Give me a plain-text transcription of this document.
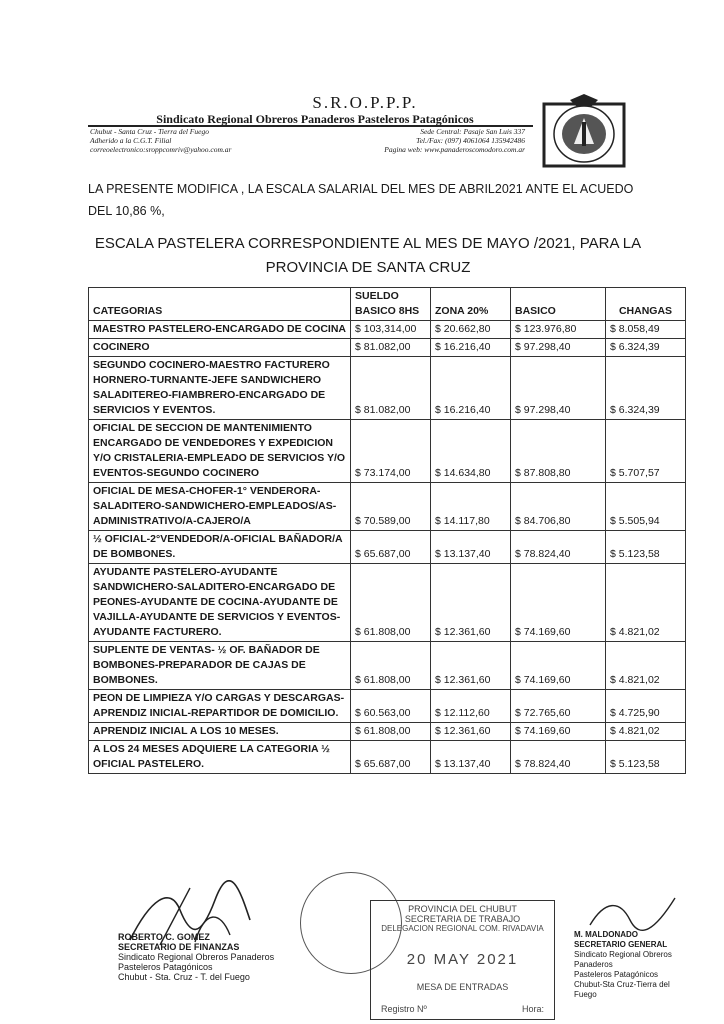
S.R.O.P.P.P.
Sindicato Regional Obreros Panaderos Pasteleros Patagónicos
Chubut - Santa Cruz - Tierra del Fuego
Adherido a la C.G.T. Filial
correoelectronico:sroppcomriv@yahoo.com.ar
Sede Central: Pasaje San Luis 337
Tel./Fax: (097) 4061064 135942486
Pagina web: www.panaderoscomodoro.com.ar
LA PRESENTE MODIFICA , LA ESCALA SALARIAL DEL MES DE ABRIL2021 ANTE EL ACUEDO DEL 10,86 %,
ESCALA PASTELERA CORRESPONDIENTE AL MES DE MAYO /2021, PARA LA PROVINCIA DE SANTA CRUZ
CATEGORIAS	SUELDO BASICO 8HS	ZONA 20%	BASICO	CHANGAS
MAESTRO PASTELERO-ENCARGADO DE COCINA	$ 103,314,00	$ 20.662,80	$ 123.976,80	$ 8.058,49
COCINERO	$ 81.082,00	$ 16.216,40	$ 97.298,40	$ 6.324,39
SEGUNDO COCINERO-MAESTRO FACTURERO HORNERO-TURNANTE-JEFE SANDWICHERO SALADITEREO-FIAMBRERO-ENCARGADO DE SERVICIOS Y EVENTOS.	$ 81.082,00	$ 16.216,40	$ 97.298,40	$ 6.324,39
OFICIAL DE SECCION DE MANTENIMIENTO ENCARGADO DE VENDEDORES Y EXPEDICION Y/O CRISTALERIA-EMPLEADO DE SERVICIOS Y/O EVENTOS-SEGUNDO COCINERO	$ 73.174,00	$ 14.634,80	$ 87.808,80	$ 5.707,57
OFICIAL DE MESA-CHOFER-1° VENDERORA-SALADITERO-SANDWICHERO-EMPLEADOS/AS-ADMINISTRATIVO/A-CAJERO/A	$ 70.589,00	$ 14.117,80	$ 84.706,80	$ 5.505,94
½ OFICIAL-2°VENDEDOR/A-OFICIAL BAÑADOR/A DE BOMBONES.	$ 65.687,00	$ 13.137,40	$ 78.824,40	$ 5.123,58
AYUDANTE PASTELERO-AYUDANTE SANDWICHERO-SALADITERO-ENCARGADO DE PEONES-AYUDANTE DE COCINA-AYUDANTE DE VAJILLA-AYUDANTE DE SERVICIOS Y EVENTOS-AYUDANTE FACTURERO.	$ 61.808,00	$ 12.361,60	$ 74.169,60	$ 4.821,02
SUPLENTE DE VENTAS- ½ OF. BAÑADOR DE BOMBONES-PREPARADOR DE CAJAS DE BOMBONES.	$ 61.808,00	$ 12.361,60	$ 74.169,60	$ 4.821,02
PEON DE LIMPIEZA Y/O CARGAS Y DESCARGAS-APRENDIZ INICIAL-REPARTIDOR DE DOMICILIO.	$ 60.563,00	$ 12.112,60	$ 72.765,60	$ 4.725,90
APRENDIZ INICIAL A LOS 10 MESES.	$ 61.808,00	$ 12.361,60	$ 74.169,60	$ 4.821,02
A LOS 24 MESES ADQUIERE LA CATEGORIA ½ OFICIAL PASTELERO.	$ 65.687,00	$ 13.137,40	$ 78.824,40	$ 5.123,58
PROVINCIA DEL CHUBUT
SECRETARIA DE TRABAJO
DELEGACION REGIONAL COM. RIVADAVIA
20 MAY 2021
MESA DE ENTRADAS
Registro Nº	Hora:
ROBERTO C. GOMEZ
SECRETARIO DE FINANZAS
Sindicato Regional Obreros Panaderos
Pasteleros Patagónicos
Chubut - Sta. Cruz - T. del Fuego
M. MALDONADO
SECRETARIO GENERAL
Sindicato Regional Obreros Panaderos
Pasteleros Patagónicos
Chubut-Sta Cruz-Tierra del Fuego
